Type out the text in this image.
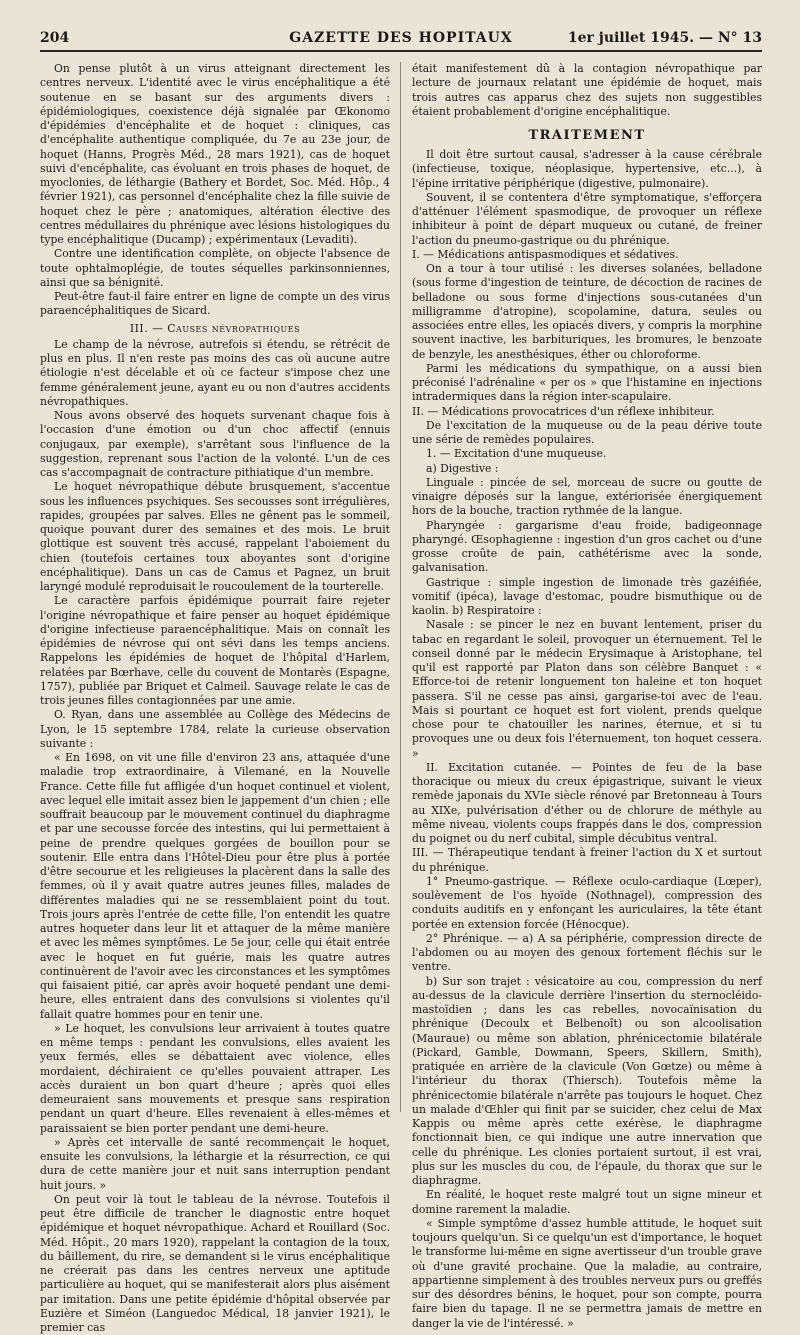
204	GAZETTE DES HOPITAUX	1er juillet 1945. — N° 13

On pense plutôt à un virus atteignant directement les centres nerveux. L'identité avec le virus encéphalitique a été soutenue en se basant sur des arguments divers : épidémiologiques, coexistence déjà signalée par Œkonomo d'épidémies d'encéphalite et de hoquet : cliniques, cas d'encéphalite authentique compliquée, du 7e au 23e jour, de hoquet (Hanns, Progrès Méd., 28 mars 1921), cas de hoquet suivi d'encéphalite, cas évoluant en trois phases de hoquet, de myoclonies, de léthargie (Bathery et Bordet, Soc. Méd. Hôp., 4 février 1921), cas personnel d'encéphalite chez la fille suivie de hoquet chez le père ; anatomiques, altération élective des centres médullaires du phrénique avec lésions histologiques du type encéphalitique (Ducamp) ; expérimentaux (Levaditi).

Contre une identification complète, on objecte l'absence de toute ophtalmoplégie, de toutes séquelles parkinsonniennes, ainsi que sa bénignité.

Peut-être faut-il faire entrer en ligne de compte un des virus paraencéphalitiques de Sicard.

III. — Causes névropathiques

Le champ de la névrose, autrefois si étendu, se rétrécit de plus en plus. Il n'en reste pas moins des cas où aucune autre étiologie n'est décelable et où ce facteur s'impose chez une femme généralement jeune, ayant eu ou non d'autres accidents névropathiques.

Nous avons observé des hoquets survenant chaque fois à l'occasion d'une émotion ou d'un choc affectif (ennuis conjugaux, par exemple), s'arrêtant sous l'influence de la suggestion, reprenant sous l'action de la volonté. L'un de ces cas s'accompagnait de contracture pithiatique d'un membre.

Le hoquet névropathique débute brusquement, s'accentue sous les influences psychiques. Ses secousses sont irrégulières, rapides, groupées par salves. Elles ne gênent pas le sommeil, quoique pouvant durer des semaines et des mois. Le bruit glottique est souvent très accusé, rappelant l'aboiement du chien (toutefois certaines toux aboyantes sont d'origine encéphalitique). Dans un cas de Camus et Pagnez, un bruit laryngé modulé reproduisait le roucoulement de la tourterelle.

Le caractère parfois épidémique pourrait faire rejeter l'origine névropathique et faire penser au hoquet épidémique d'origine infectieuse paraencéphalitique. Mais on connaît les épidémies de névrose qui ont sévi dans les temps anciens. Rappelons les épidémies de hoquet de l'hôpital d'Harlem, relatées par Bœrhave, celle du couvent de Montarès (Espagne, 1757), publiée par Briquet et Calmeil. Sauvage relate le cas de trois jeunes filles contagionnées par une amie.

O. Ryan, dans une assemblée au Collège des Médecins de Lyon, le 15 septembre 1784, relate la curieuse observation suivante :

« En 1698, on vit une fille d'environ 23 ans, attaquée d'une maladie trop extraordinaire, à Vilemané, en la Nouvelle France. Cette fille fut affligée d'un hoquet continuel et violent, avec lequel elle imitait assez bien le jappement d'un chien ; elle souffrait beaucoup par le mouvement continuel du diaphragme et par une secousse forcée des intestins, qui lui permettaient à peine de prendre quelques gorgées de bouillon pour se soutenir. Elle entra dans l'Hôtel-Dieu pour être plus à portée d'être secourue et les religieuses la placèrent dans la salle des femmes, où il y avait quatre autres jeunes filles, malades de différentes maladies qui ne se ressemblaient point du tout. Trois jours après l'entrée de cette fille, l'on entendit les quatre autres hoqueter dans leur lit et attaquer de la même manière et avec les mêmes symptômes. Le 5e jour, celle qui était entrée avec le hoquet en fut guérie, mais les quatre autres continuèrent de l'avoir avec les circonstances et les symptômes qui faisaient pitié, car après avoir hoqueté pendant une demi-heure, elles entraient dans des convulsions si violentes qu'il fallait quatre hommes pour en tenir une.

» Le hoquet, les convulsions leur arrivaient à toutes quatre en même temps : pendant les convulsions, elles avaient les yeux fermés, elles se débattaient avec violence, elles mordaient, déchiraient ce qu'elles pouvaient attraper. Les accès duraient un bon quart d'heure ; après quoi elles demeuraient sans mouvements et presque sans respiration pendant un quart d'heure. Elles revenaient à elles-mêmes et paraissaient se bien porter pendant une demi-heure.

» Après cet intervalle de santé recommençait le hoquet, ensuite les convulsions, la léthargie et la résurrection, ce qui dura de cette manière jour et nuit sans interruption pendant huit jours. »

On peut voir là tout le tableau de la névrose. Toutefois il peut être difficile de trancher le diagnostic entre hoquet épidémique et hoquet névropathique. Achard et Rouillard (Soc. Méd. Hôpit., 20 mars 1920), rappelant la contagion de la toux, du bâillement, du rire, se demandent si le virus encéphalitique ne créerait pas dans les centres nerveux une aptitude particulière au hoquet, qui se manifesterait alors plus aisément par imitation. Dans une petite épidémie d'hôpital observée par Euzière et Siméon (Languedoc Médical, 18 janvier 1921), le premier cas

était manifestement dû à la contagion névropathique par lecture de journaux relatant une épidémie de hoquet, mais trois autres cas apparus chez des sujets non suggestibles étaient probablement d'origine encéphalitique.

TRAITEMENT

Il doit être surtout causal, s'adresser à la cause cérébrale (infectieuse, toxique, néoplasique, hypertensive, etc...), à l'épine irritative périphérique (digestive, pulmonaire).

Souvent, il se contentera d'être symptomatique, s'efforçera d'atténuer l'élément spasmodique, de provoquer un réflexe inhibiteur à point de départ muqueux ou cutané, de freiner l'action du pneumo-gastrique ou du phrénique.

I. — Médications antispasmodiques et sédatives.

On a tour à tour utilisé : les diverses solanées, belladone (sous forme d'ingestion de teinture, de décoction de racines de belladone ou sous forme d'injections sous-cutanées d'un milligramme d'atropine), scopolamine, datura, seules ou associées entre elles, les opiacés divers, y compris la morphine souvent inactive, les barbituriques, les bromures, le benzoate de benzyle, les anesthésiques, éther ou chloroforme.

Parmi les médications du sympathique, on a aussi bien préconisé l'adrénaline « per os » que l'histamine en injections intradermiques dans la région inter-scapulaire.

II. — Médications provocatrices d'un réflexe inhibiteur.

De l'excitation de la muqueuse ou de la peau dérive toute une série de remèdes populaires.

1. — Excitation d'une muqueuse.

a) Digestive :

Linguale : pincée de sel, morceau de sucre ou goutte de vinaigre déposés sur la langue, extériorisée énergiquement hors de la bouche, traction rythmée de la langue.

Pharyngée : gargarisme d'eau froide, badigeonnage pharyngé. Œsophagienne : ingestion d'un gros cachet ou d'une grosse croûte de pain, cathétérisme avec la sonde, galvanisation.

Gastrique : simple ingestion de limonade très gazéifiée, vomitif (ipéca), lavage d'estomac, poudre bismuthique ou de kaolin. b) Respiratoire :

Nasale : se pincer le nez en buvant lentement, priser du tabac en regardant le soleil, provoquer un éternuement. Tel le conseil donné par le médecin Erysimaque à Aristophane, tel qu'il est rapporté par Platon dans son célèbre Banquet : « Efforce-toi de retenir longuement ton haleine et ton hoquet passera. S'il ne cesse pas ainsi, gargarise-toi avec de l'eau. Mais si pourtant ce hoquet est fort violent, prends quelque chose pour te chatouiller les narines, éternue, et si tu provoques une ou deux fois l'éternuement, ton hoquet cessera. »

II. Excitation cutanée. — Pointes de feu de la base thoracique ou mieux du creux épigastrique, suivant le vieux remède japonais du XVIe siècle rénové par Bretonneau à Tours au XIXe, pulvérisation d'éther ou de chlorure de méthyle au même niveau, violents coups frappés dans le dos, compression du poignet ou du nerf cubital, simple décubitus ventral.

III. — Thérapeutique tendant à freiner l'action du X et surtout du phrénique.

1° Pneumo-gastrique. — Réflexe oculo-cardiaque (Lœper), soulèvement de l'os hyoïde (Nothnagel), compression des conduits auditifs en y enfonçant les auriculaires, la tête étant portée en extension forcée (Hénocque).

2° Phrénique. — a) A sa périphérie, compression directe de l'abdomen ou au moyen des genoux fortement fléchis sur le ventre.

b) Sur son trajet : vésicatoire au cou, compression du nerf au-dessus de la clavicule derrière l'insertion du sternocléido-mastoïdien ; dans les cas rebelles, novocaïnisation du phrénique (Decoulx et Belbenoît) ou son alcoolisation (Mauraue) ou même son ablation, phrénicectomie bilatérale (Pickard, Gamble, Dowmann, Speers, Skillern, Smith), pratiquée en arrière de la clavicule (Von Gœtze) ou même à l'intérieur du thorax (Thiersch). Toutefois même la phrénicectomie bilatérale n'arrête pas toujours le hoquet. Chez un malade d'Œhler qui finit par se suicider, chez celui de Max Kappis ou même après cette exérèse, le diaphragme fonctionnait bien, ce qui indique une autre innervation que celle du phrénique. Les clonies portaient surtout, il est vrai, plus sur les muscles du cou, de l'épaule, du thorax que sur le diaphragme.

En réalité, le hoquet reste malgré tout un signe mineur et domine rarement la maladie.

« Simple symptôme d'assez humble attitude, le hoquet suit toujours quelqu'un. Si ce quelqu'un est d'importance, le hoquet le transforme lui-même en signe avertisseur d'un trouble grave où d'une gravité prochaine. Que la maladie, au contraire, appartienne simplement à des troubles nerveux purs ou greffés sur des désordres bénins, le hoquet, pour son compte, pourra faire bien du tapage. Il ne se permettra jamais de mettre en danger la vie de l'intéressé. »
